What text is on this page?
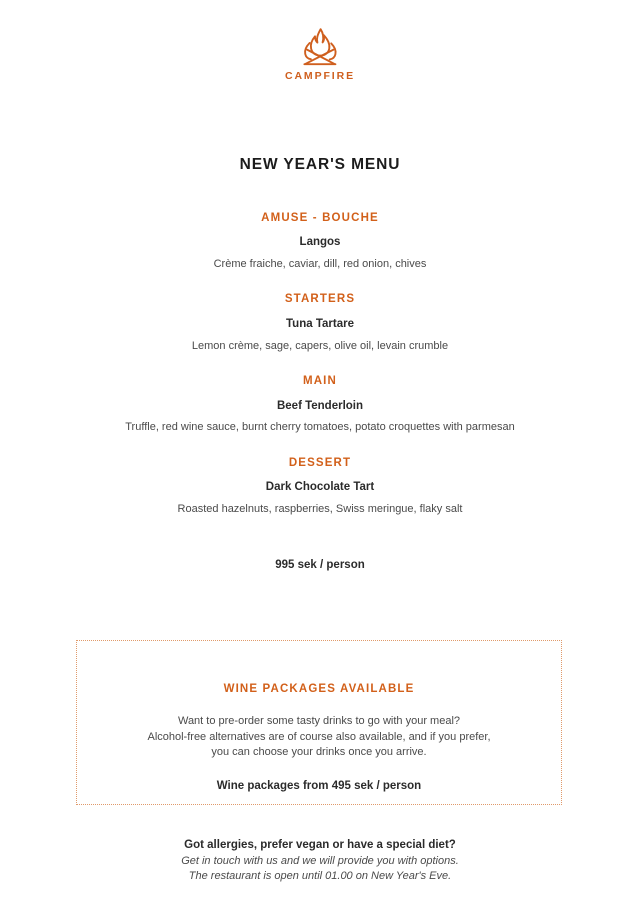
CAMPFIRE
NEW YEAR'S MENU
AMUSE - BOUCHE
Langos
Crème fraiche, caviar, dill, red onion, chives
STARTERS
Tuna Tartare
Lemon crème, sage, capers, olive oil, levain crumble
MAIN
Beef Tenderloin
Truffle, red wine sauce, burnt cherry tomatoes, potato croquettes with parmesan
DESSERT
Dark Chocolate Tart
Roasted hazelnuts, raspberries, Swiss meringue, flaky salt
995 sek / person
WINE PACKAGES AVAILABLE
Want to pre-order some tasty drinks to go with your meal?
Alcohol-free alternatives are of course also available, and if you prefer,
you can choose your drinks once you arrive.
Wine packages from 495 sek / person
Got allergies, prefer vegan or have a special diet?
Get in touch with us and we will provide you with options.
The restaurant is open until 01.00 on New Year's Eve.
